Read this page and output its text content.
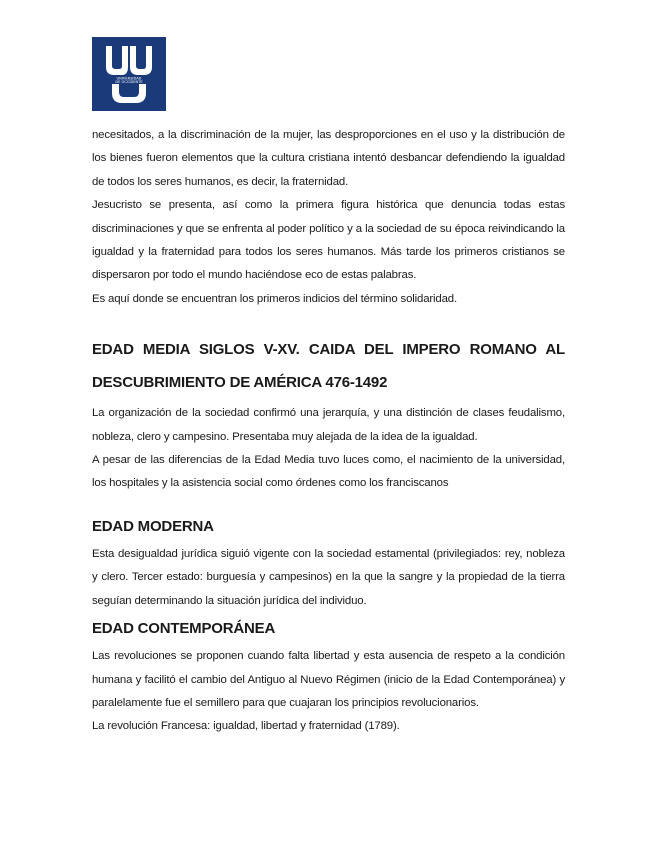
UNIVERSIDAD
DE OCCIDENTE

necesitados, a la discriminación de la mujer, las desproporciones en el uso y la distribución de los bienes fueron elementos que la cultura cristiana intentó desbancar defendiendo la igualdad de todos los seres humanos, es decir, la fraternidad.

Jesucristo se presenta, así como la primera figura histórica que denuncia todas estas discriminaciones y que se enfrenta al poder político y a la sociedad de su época reivindicando la igualdad y la fraternidad para todos los seres humanos. Más tarde los primeros cristianos se dispersaron por todo el mundo haciéndose eco de estas palabras.

Es aquí donde se encuentran los primeros indicios del término solidaridad.

EDAD MEDIA SIGLOS V-XV. CAIDA DEL IMPERO ROMANO AL DESCUBRIMIENTO DE AMÉRICA 476-1492

La organización de la sociedad confirmó una jerarquía, y una distinción de clases feudalismo, nobleza, clero y campesino. Presentaba muy alejada de la idea de la igualdad.

A pesar de las diferencias de la Edad Media tuvo luces como, el nacimiento de la universidad, los hospitales y la asistencia social como órdenes como los franciscanos

EDAD MODERNA

Esta desigualdad jurídica siguió vigente con la sociedad estamental (privilegiados: rey, nobleza y clero. Tercer estado: burguesía y campesinos) en la que la sangre y la propiedad de la tierra seguían determinando la situación jurídica del individuo.

EDAD CONTEMPORÁNEA

Las revoluciones se proponen cuando falta libertad y esta ausencia de respeto a la condición humana y facilitó el cambio del Antiguo al Nuevo Régimen (inicio de la Edad Contemporánea) y paralelamente fue el semillero para que cuajaran los principios revolucionarios.

La revolución Francesa: igualdad, libertad y fraternidad (1789).
